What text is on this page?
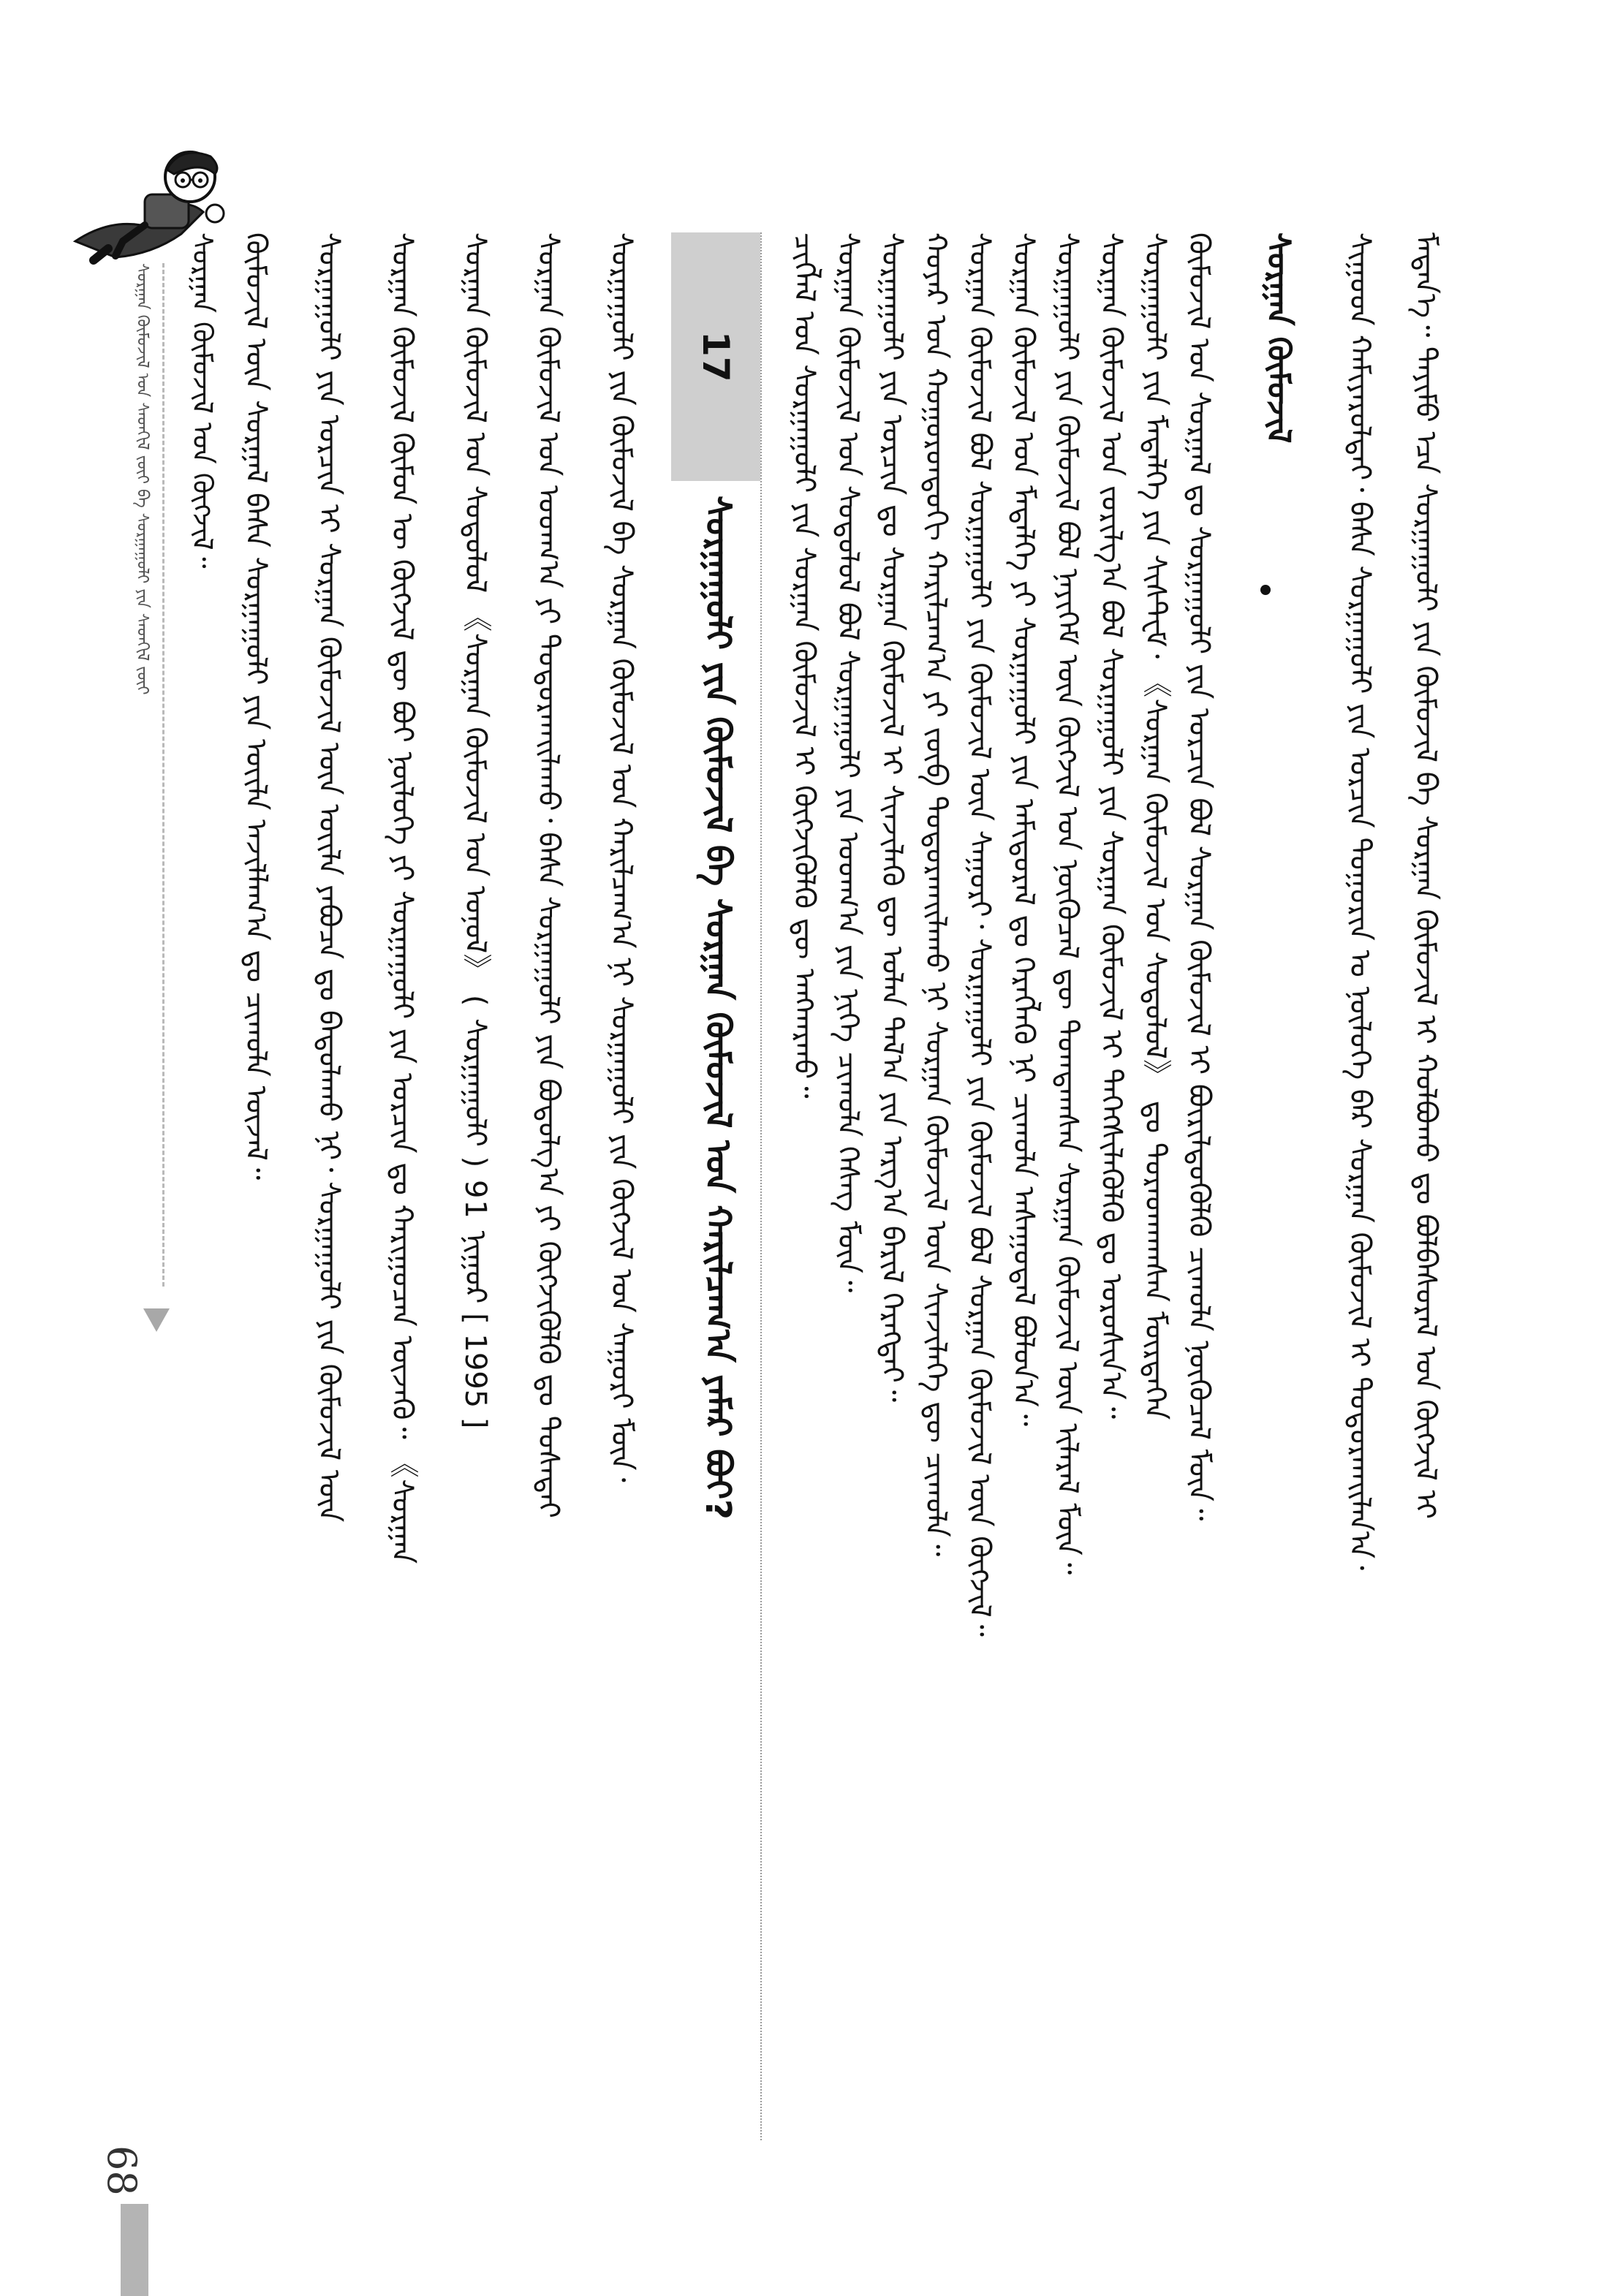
ᠰᠤᠷᠭᠠᠨ ᠬᠦᠮᠦᠵᠢᠯ ᠤᠨ ᠰᠡᠳᠬᠢᠯ ᠵᠦᠢ ᠪᠠ ᠰᠤᠷᠭᠠᠭᠤᠯᠢ ᠶᠢᠨ ᠰᠡᠳᠬᠢᠯ ᠵᠦᠢ ᠰᠤᠷᠭᠠᠨ ᠬᠦᠮᠦᠵᠢᠯ ᠤᠨ ᠬᠥᠭᠵᠢᠯ᠃ ᠬᠦᠮᠦᠵᠢᠯ ᠦᠨ ᠰᠤᠷᠭᠠᠯ ᠪᠠᠰᠠ ᠰᠤᠷᠭᠠᠭᠤᠯᠢ ᠶᠢᠨ ᠦᠢᠯᠡ ᠠᠵᠢᠯᠯᠠᠭ᠎ᠠ ᠳᠤ ᠴᠢᠬᠤᠯᠠ ᠦᠵᠡᠯ᠃ ᠰᠤᠷᠭᠠᠭᠤᠯᠢ ᠶᠢᠨ ᠣᠷᠴᠢᠨ ᠢ ᠰᠤᠷᠭᠠᠨ ᠬᠦᠮᠦᠵᠢᠯ ᠦᠨ ᠦᠢᠯᠡ ᠶᠠᠪᠤᠴᠠ ᠳᠤ ᠪᠠᠳᠤᠯᠠᠬᠤ ᠨᠢ᠂ ᠰᠤᠷᠭᠠᠭᠤᠯᠢ ᠶᠢᠨ ᠬᠦᠮᠦᠵᠢᠯ ᠦᠨ ᠰᠤᠷᠭᠠᠨ ᠬᠦᠮᠦᠵᠢᠯ ᠬᠦᠮᠦᠨ ᠦ ᠬᠥᠭᠵᠢᠯ ᠳᠦ ᠪᠤᠢ ᠨᠥᠯᠦᠭᠡ ᠶᠢ ᠰᠤᠷᠭᠠᠭᠤᠯᠢ ᠶᠢᠨ ᠣᠷᠴᠢᠨ ᠳᠤ ᠬᠠᠷᠢᠭᠤᠴᠠᠨ ᠦᠵᠡᠬᠦ᠃ 《ᠰᠤᠷᠭᠠᠨ ᠰᠤᠷᠭᠠᠨ ᠬᠦᠮᠦᠵᠢᠯ ᠤᠨ ᠰᠤᠳᠤᠯᠤᠯ 《ᠰᠤᠷᠭᠠᠨ ᠬᠦᠮᠦᠵᠢᠯ ᠤᠨ ᠣᠨᠣᠯ》 ( ᠰᠤᠷᠭᠠᠭᠤᠯᠢ ) 91 ᠨᠢᠭᠤᠷ [ 1995 ] ᠰᠤᠷᠭᠠᠨ ᠬᠦᠮᠦᠵᠢᠯ ᠤᠨ ᠤᠳᠬ᠎ᠠ ᠶᠢ ᠲᠣᠳᠣᠷᠬᠠᠢᠯᠠᠬᠤ᠂ ᠪᠠᠰᠠ ᠰᠤᠷᠭᠠᠭᠤᠯᠢ ᠶᠢᠨ ᠪᠣᠳᠣᠯᠭ᠎ᠠ ᠶᠢ ᠬᠥᠭᠵᠢᠭᠦᠯᠬᠦ ᠳᠤ ᠲᠤᠰᠠᠲᠠᠢ ᠰᠤᠷᠭᠠᠭᠤᠯᠢ ᠶᠢᠨ ᠬᠦᠮᠦᠵᠢᠯ ᠪᠠ ᠰᠤᠷᠭᠠᠨ ᠬᠦᠮᠦᠵᠢᠯ ᠤᠨ ᠬᠠᠷᠢᠯᠴᠠᠭ᠎ᠠ ᠨᠢ ᠰᠤᠷᠭᠠᠭᠤᠯᠢ ᠶᠢᠨ ᠬᠥᠭᠵᠢᠯ ᠤᠨ ᠰᠠᠭᠤᠷᠢ ᠮᠥᠨ᠂ 17
ᠰᠤᠷᠭᠠᠭᠤᠯᠢ ᠶᠢᠨ ᠬᠦᠮᠦᠵᠢᠯ ᠪᠠ ᠰᠤᠷᠭᠠᠨ ᠬᠦᠮᠦᠵᠢᠯ ᠤᠨ ᠬᠠᠷᠢᠯᠴᠠᠭ᠎ᠠ ᠶᠠᠮᠠᠷ ᠪᠤᠢ? ᠴᠢᠭᠯᠡᠯ ᠤᠨ ᠰᠤᠷᠭᠠᠭᠤᠯᠢ ᠶᠢᠨ ᠰᠤᠷᠭᠠᠨ ᠬᠦᠮᠦᠵᠢᠯ ᠢ ᠬᠥᠭᠵᠢᠭᠦᠯᠬᠦ ᠳᠦ ᠠᠩᠬᠠᠷᠬᠤ᠃ ᠰᠤᠷᠭᠠᠨ ᠬᠦᠮᠦᠵᠢᠯ ᠤᠨ ᠰᠤᠳᠤᠯᠤᠯ ᠪᠣᠯ ᠰᠤᠷᠭᠠᠭᠤᠯᠢ ᠶᠢᠨ ᠤᠳᠬ᠎ᠠ ᠶᠢᠨ ᠨᠢᠭᠡ ᠴᠢᠬᠤᠯᠠ ᠬᠡᠰᠡᠭ ᠮᠥᠨ᠃ ᠰᠤᠷᠭᠠᠭᠤᠯᠢ ᠶᠢᠨ ᠣᠷᠴᠢᠨ ᠳᠤ ᠰᠤᠷᠭᠠᠨ ᠬᠦᠮᠦᠵᠢᠯ ᠢ ᠰᠢᠨᠵᠢᠯᠡᠬᠦ ᠳᠦ ᠣᠯᠠᠨ ᠲᠠᠯ᠎ᠠ ᠶᠢᠨ ᠠᠷᠭ᠎ᠠ ᠪᠠᠷᠢᠯ ᠬᠡᠷᠡᠭᠲᠡᠢ᠃ ᠬᠣᠶᠠᠷ ᠤᠨ ᠬᠣᠭᠣᠷᠣᠨᠳᠣᠬᠢ ᠬᠠᠷᠢᠯᠴᠠᠭ᠎ᠠ ᠶᠢ ᠵᠥᠪ ᠲᠣᠳᠣᠷᠬᠠᠢᠯᠠᠬᠤ ᠨᠢ ᠰᠤᠷᠭᠠᠨ ᠬᠦᠮᠦᠵᠢᠯ ᠦᠨ ᠰᠢᠨᠵᠢᠯᠡᠭᠡ ᠳᠦ ᠴᠢᠬᠤᠯᠠ᠃ ᠰᠤᠷᠭᠠᠨ ᠬᠦᠮᠦᠵᠢᠯ ᠪᠣᠯ ᠰᠤᠷᠭᠠᠭᠤᠯᠢ ᠶᠢᠨ ᠬᠦᠮᠦᠵᠢᠯ ᠦᠨ ᠰᠠᠭᠤᠷᠢ᠂ ᠰᠤᠷᠭᠠᠭᠤᠯᠢ ᠶᠢᠨ ᠬᠦᠮᠦᠵᠢᠯ ᠪᠣᠯ ᠰᠤᠷᠭᠠᠨ ᠬᠦᠮᠦᠵᠢᠯ ᠦᠨ ᠬᠥᠭᠵᠢᠯ᠃ ᠰᠤᠷᠭᠠᠨ ᠬᠦᠮᠦᠵᠢᠯ ᠤᠨ ᠮᠡᠳᠡᠯᠭᠡ ᠶᠢ ᠰᠤᠷᠭᠠᠭᠤᠯᠢ ᠶᠢᠨ ᠠᠮᠢᠳᠤᠷᠠᠯ ᠳᠤ ᠬᠡᠷᠡᠭᠯᠡᠬᠦ ᠨᠢ ᠴᠢᠬᠤᠯᠠ ᠠᠰᠠᠭᠤᠳᠠᠯ ᠪᠣᠯᠤᠨ᠎ᠠ᠃ ᠰᠤᠷᠭᠠᠭᠤᠯᠢ ᠶᠢᠨ ᠬᠦᠮᠦᠵᠢᠯ ᠪᠣᠯ ᠨᠡᠶᠢᠭᠡᠮ ᠦᠨ ᠬᠥᠭᠵᠢᠯ ᠤᠨ ᠨᠥᠬᠦᠴᠡᠯ ᠳᠦ ᠲᠣᠭᠲᠠᠭᠰᠠᠨ ᠰᠤᠷᠭᠠᠨ ᠬᠦᠮᠦᠵᠢᠯ ᠦᠨ ᠢᠯᠡᠷᠡᠯ ᠮᠥᠨ᠃ ᠰᠤᠷᠭᠠᠨ ᠬᠦᠮᠦᠵᠢᠯ ᠤᠨ ᠵᠣᠷᠢᠯᠭ᠎ᠠ ᠪᠣᠯ ᠰᠤᠷᠭᠠᠭᠤᠯᠢ ᠶᠢᠨ ᠰᠤᠷᠭᠠᠨ ᠬᠦᠮᠦᠵᠢᠯ ᠢ ᠳᠡᠭᠡᠭᠰᠢᠯᠡᠭᠦᠯᠬᠦ ᠳᠤ ᠣᠷᠣᠰᠢᠨ᠎ᠠ᠃ ᠰᠤᠷᠭᠠᠭᠤᠯᠢ ᠶᠢᠨ ᠮᠡᠳᠡᠯᠭᠡ ᠶᠢᠨ ᠰᠢᠰᠲ᠋ᠧᠮ᠂ 《ᠰᠤᠷᠭᠠᠨ ᠬᠦᠮᠦᠵᠢᠯ ᠤᠨ ᠰᠤᠳᠤᠯᠤᠯ》 ᠳᠤ ᠳᠤᠷᠠᠳᠬᠠᠭᠰᠠᠨ ᠮᠥᠷᠲᠡᠭᠡᠨ ᠬᠦᠮᠦᠵᠢᠯ ᠤᠨ ᠰᠤᠷᠭᠠᠯ ᠳᠤ ᠰᠤᠷᠭᠠᠭᠤᠯᠢ ᠶᠢᠨ ᠣᠷᠴᠢᠨ ᠪᠣᠯ ᠰᠤᠷᠭᠠᠨ ᠬᠦᠮᠦᠵᠢᠯ ᠢ ᠪᠦᠷᠢᠯᠳᠦᠭᠦᠯᠬᠦ ᠴᠢᠬᠤᠯᠠ ᠨᠥᠬᠦᠴᠡᠯ ᠮᠥᠨ᠃ ᠰᠤᠷᠭᠠᠨ ᠬᠦᠮᠦᠵᠢᠯ ᠰᠢᠭᠤᠳ ᠬᠠᠮᠢᠶᠠᠷᠤᠯᠲᠠᠢ᠂ ᠪᠠᠰᠠ ᠰᠤᠷᠭᠠᠭᠤᠯᠢ ᠶᠢᠨ ᠣᠷᠴᠢᠨ ᠲᠣᠭᠣᠷᠢᠨ ᠤ ᠨᠥᠯᠦᠭᠡ ᠪᠡᠷ ᠰᠤᠷᠭᠠᠨ ᠬᠦᠮᠦᠵᠢᠯ ᠢ ᠲᠣᠳᠣᠷᠬᠠᠢᠯᠠᠨ᠎ᠠ᠂ ᠮᠡᠳᠡᠨ᠎ᠡ᠃ ᠲᠡᠶᠢᠮᠦ ᠡᠴᠡ ᠰᠤᠷᠭᠠᠭᠤᠯᠢ ᠶᠢᠨ ᠬᠦᠮᠦᠵᠢᠯ ᠪᠠ ᠰᠤᠷᠭᠠᠨ ᠬᠦᠮᠦᠵᠢᠯ ᠢ ᠬᠣᠯᠪᠣᠬᠤ ᠳᠤ ᠪᠣᠯᠪᠠᠰᠤᠷᠠᠯ ᠤᠨ ᠬᠥᠭᠵᠢᠯ ᠢ
68
